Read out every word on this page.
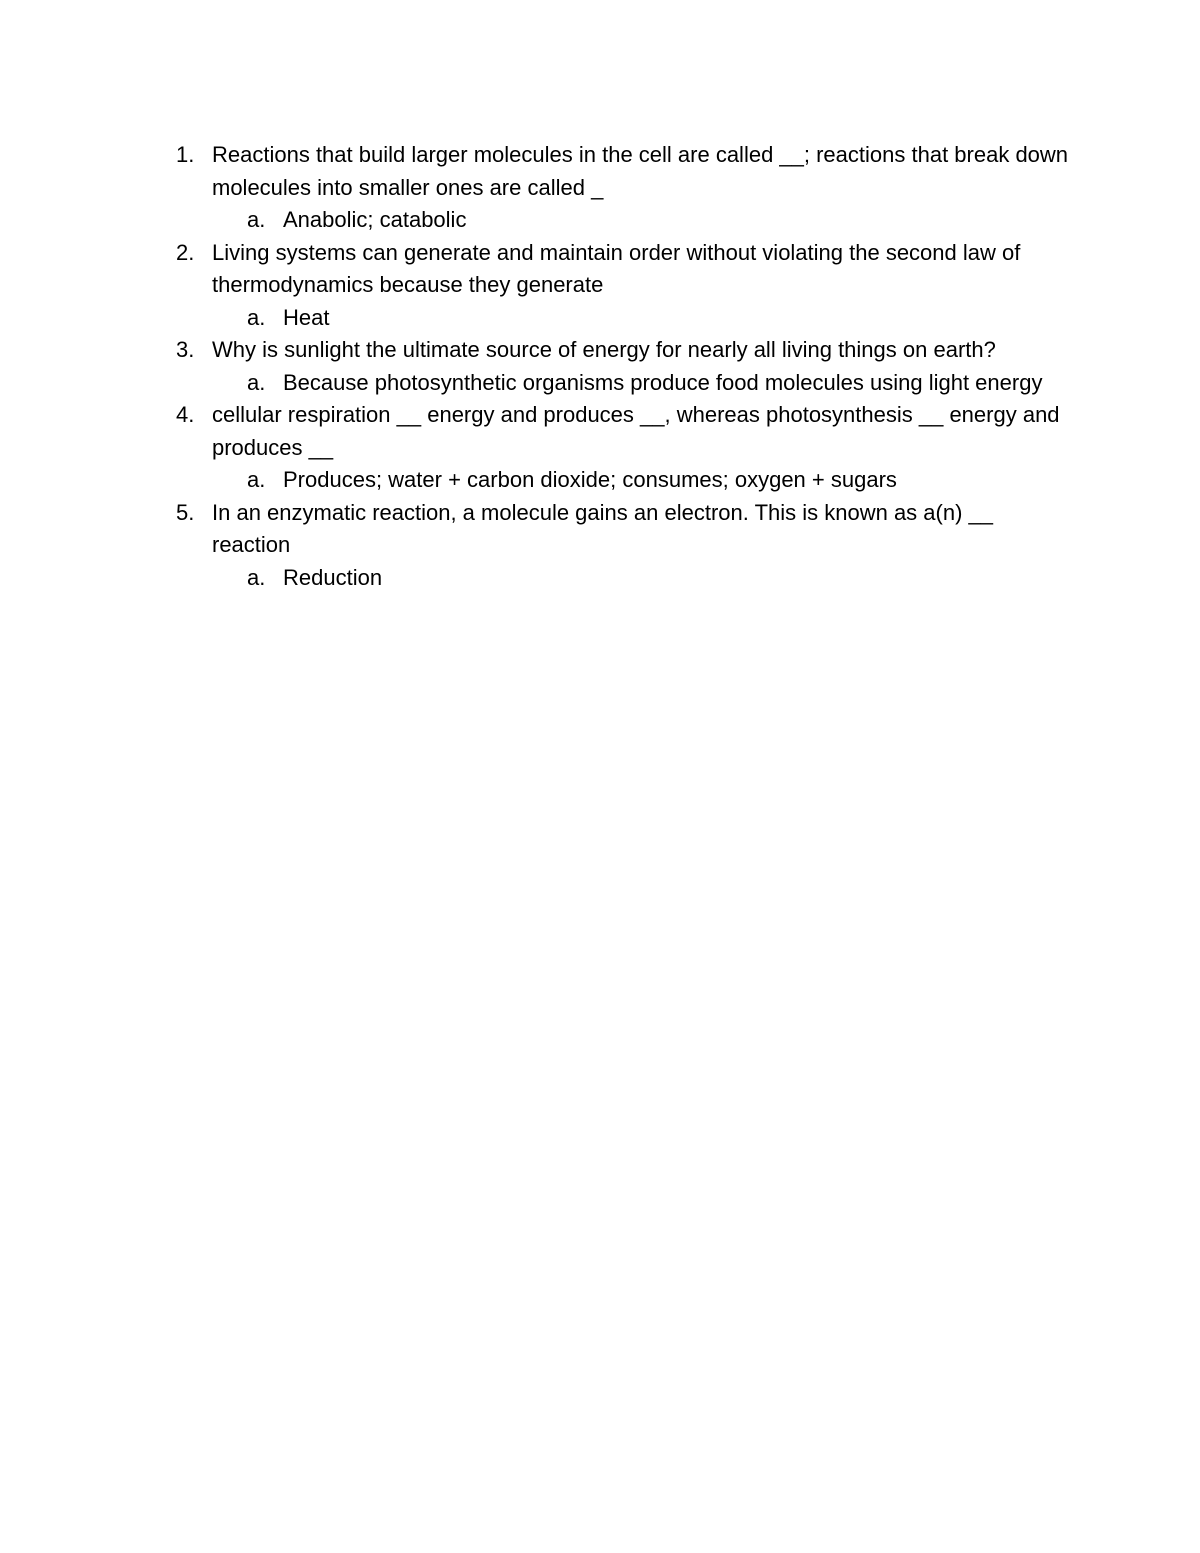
1. Reactions that build larger molecules in the cell are called __; reactions that break down molecules into smaller ones are called _
a. Anabolic; catabolic
2. Living systems can generate and maintain order without violating the second law of thermodynamics because they generate
a. Heat
3. Why is sunlight the ultimate source of energy for nearly all living things on earth?
a. Because photosynthetic organisms produce food molecules using light energy
4. cellular respiration __ energy and produces __, whereas photosynthesis __ energy and produces __
a. Produces; water + carbon dioxide; consumes; oxygen + sugars
5. In an enzymatic reaction, a molecule gains an electron. This is known as a(n) __ reaction
a. Reduction
